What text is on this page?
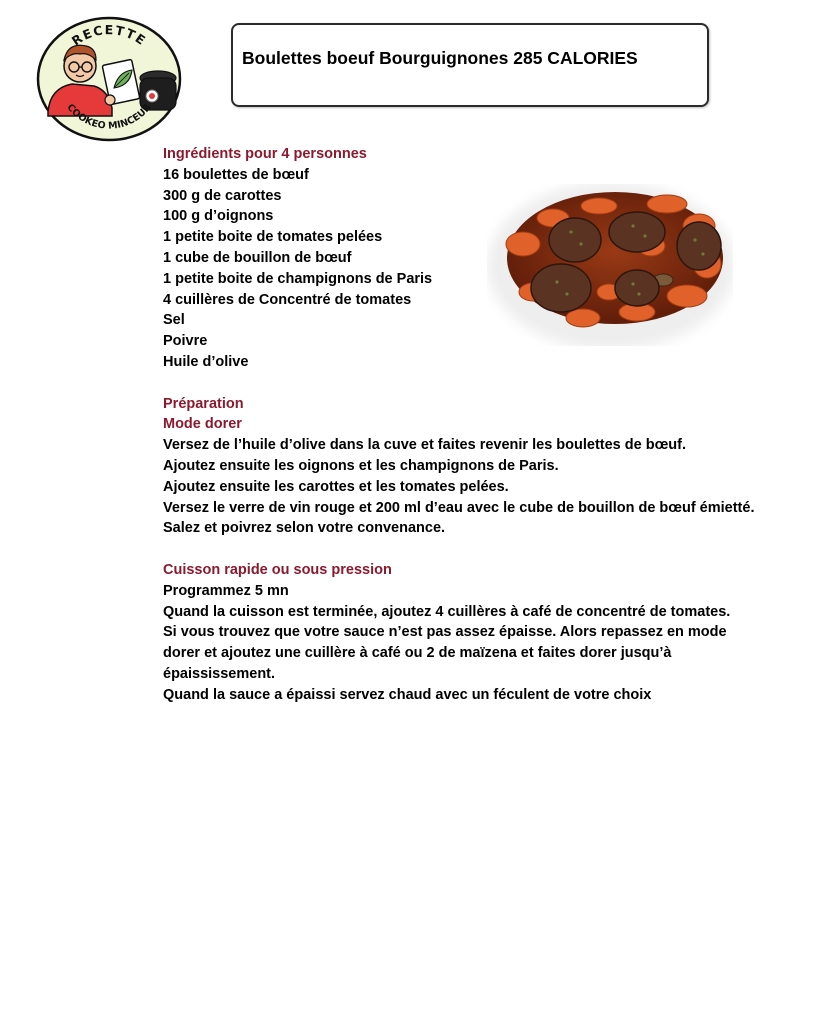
RECETTE
COOKEO MINCEUR
Boulettes boeuf Bourguignones 285 CALORIES
Ingrédients pour 4 personnes
16 boulettes de bœuf
300 g de carottes
100 g d’oignons
1 petite boite de tomates pelées
1 cube de bouillon de bœuf
1 petite boite de champignons de Paris
4 cuillères de Concentré de tomates
Sel
Poivre
Huile d’olive
Préparation
Mode dorer
Versez de l’huile d’olive dans la cuve et faites revenir les boulettes de bœuf.
Ajoutez ensuite les oignons et les champignons de Paris.
Ajoutez ensuite les carottes et les tomates pelées.
Versez le verre de vin rouge et 200 ml d’eau avec le cube de bouillon de bœuf émietté.
Salez et poivrez selon votre convenance.
Cuisson rapide ou sous pression
Programmez 5 mn
Quand la cuisson est terminée, ajoutez 4 cuillères à café de concentré de tomates.
Si vous trouvez que votre sauce n’est pas assez épaisse. Alors repassez en mode dorer et ajoutez une cuillère à café ou 2 de maïzena et faites dorer jusqu’à épaississement.
Quand la sauce a épaissi servez chaud avec un féculent de votre choix
